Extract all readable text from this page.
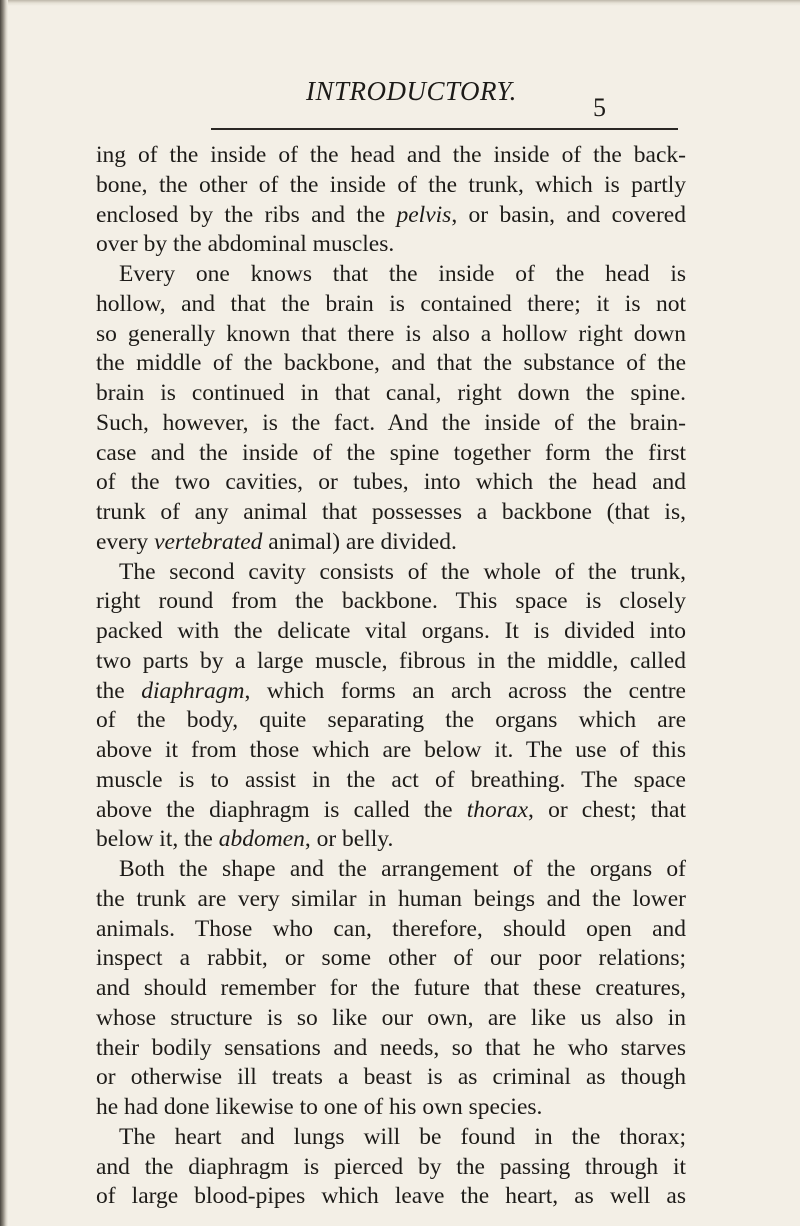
INTRODUCTORY.
5
ing of the inside of the head and the inside of the back-
bone, the other of the inside of the trunk, which is partly
enclosed by the ribs and the pelvis, or basin, and covered
over by the abdominal muscles.
Every one knows that the inside of the head is
hollow, and that the brain is contained there; it is not
so generally known that there is also a hollow right down
the middle of the backbone, and that the substance of the
brain is continued in that canal, right down the spine.
Such, however, is the fact. And the inside of the brain-
case and the inside of the spine together form the first
of the two cavities, or tubes, into which the head and
trunk of any animal that possesses a backbone (that is,
every vertebrated animal) are divided.
The second cavity consists of the whole of the trunk,
right round from the backbone. This space is closely
packed with the delicate vital organs. It is divided into
two parts by a large muscle, fibrous in the middle, called
the diaphragm, which forms an arch across the centre
of the body, quite separating the organs which are
above it from those which are below it. The use of this
muscle is to assist in the act of breathing. The space
above the diaphragm is called the thorax, or chest; that
below it, the abdomen, or belly.
Both the shape and the arrangement of the organs of
the trunk are very similar in human beings and the lower
animals. Those who can, therefore, should open and
inspect a rabbit, or some other of our poor relations;
and should remember for the future that these creatures,
whose structure is so like our own, are like us also in
their bodily sensations and needs, so that he who starves
or otherwise ill treats a beast is as criminal as though
he had done likewise to one of his own species.
The heart and lungs will be found in the thorax;
and the diaphragm is pierced by the passing through it
of large blood-pipes which leave the heart, as well as
